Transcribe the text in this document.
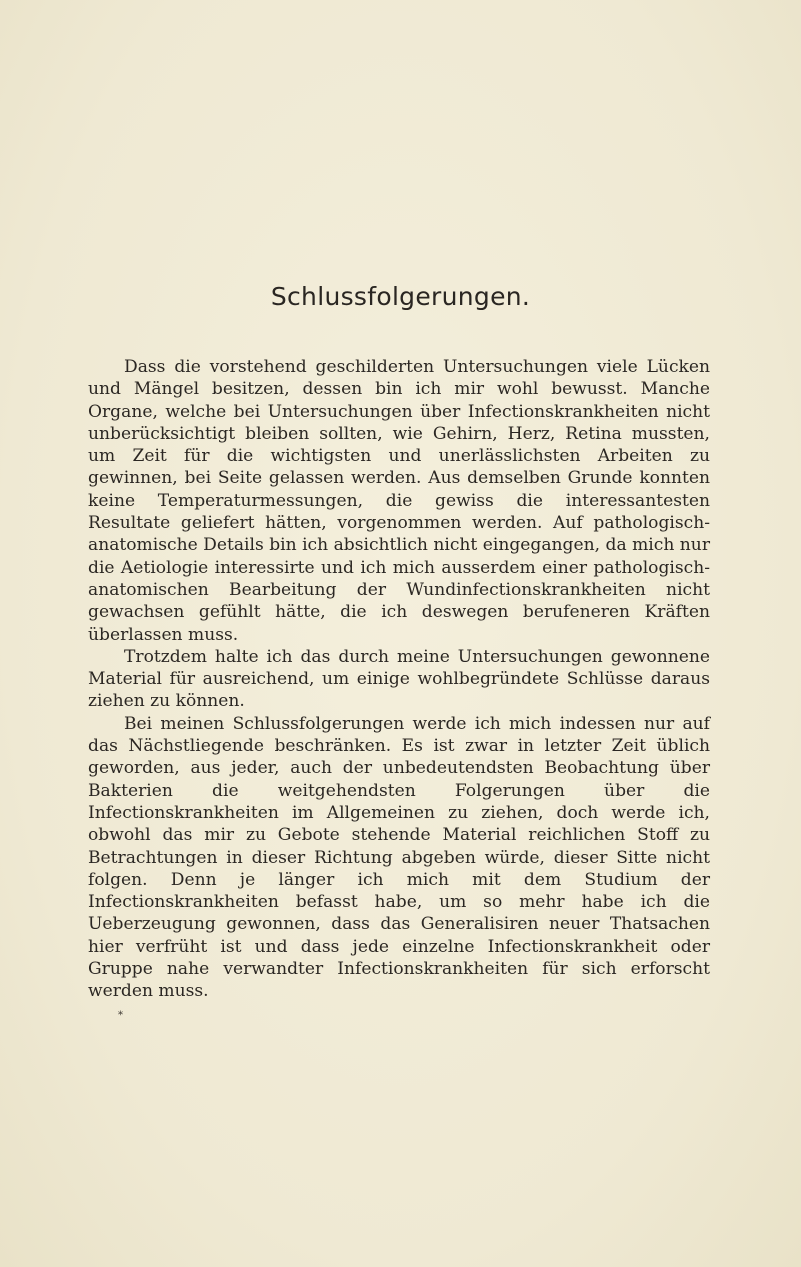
Schlussfolgerungen.

Dass die vorstehend geschilderten Untersuchungen viele Lücken und Mängel besitzen, dessen bin ich mir wohl bewusst. Manche Organe, welche bei Untersuchungen über Infectionskrankheiten nicht unberücksichtigt bleiben sollten, wie Gehirn, Herz, Retina mussten, um Zeit für die wichtigsten und unerlässlichsten Arbeiten zu gewinnen, bei Seite gelassen werden. Aus demselben Grunde konnten keine Temperaturmessungen, die gewiss die interessantesten Resultate geliefert hätten, vorgenommen werden. Auf pathologisch-anatomische Details bin ich absichtlich nicht eingegangen, da mich nur die Aetiologie interessirte und ich mich ausserdem einer pathologisch-anatomischen Bearbeitung der Wundinfectionskrankheiten nicht gewachsen gefühlt hätte, die ich deswegen berufeneren Kräften überlassen muss.

Trotzdem halte ich das durch meine Untersuchungen gewonnene Material für ausreichend, um einige wohlbegründete Schlüsse daraus ziehen zu können.

Bei meinen Schlussfolgerungen werde ich mich indessen nur auf das Nächstliegende beschränken. Es ist zwar in letzter Zeit üblich geworden, aus jeder, auch der unbedeutendsten Beobachtung über Bakterien die weitgehendsten Folgerungen über die Infectionskrankheiten im Allgemeinen zu ziehen, doch werde ich, obwohl das mir zu Gebote stehende Material reichlichen Stoff zu Betrachtungen in dieser Richtung abgeben würde, dieser Sitte nicht folgen. Denn je länger ich mich mit dem Studium der Infectionskrankheiten befasst habe, um so mehr habe ich die Ueberzeugung gewonnen, dass das Generalisiren neuer Thatsachen hier verfrüht ist und dass jede einzelne Infectionskrankheit oder Gruppe nahe verwandter Infectionskrankheiten für sich erforscht werden muss.

*
